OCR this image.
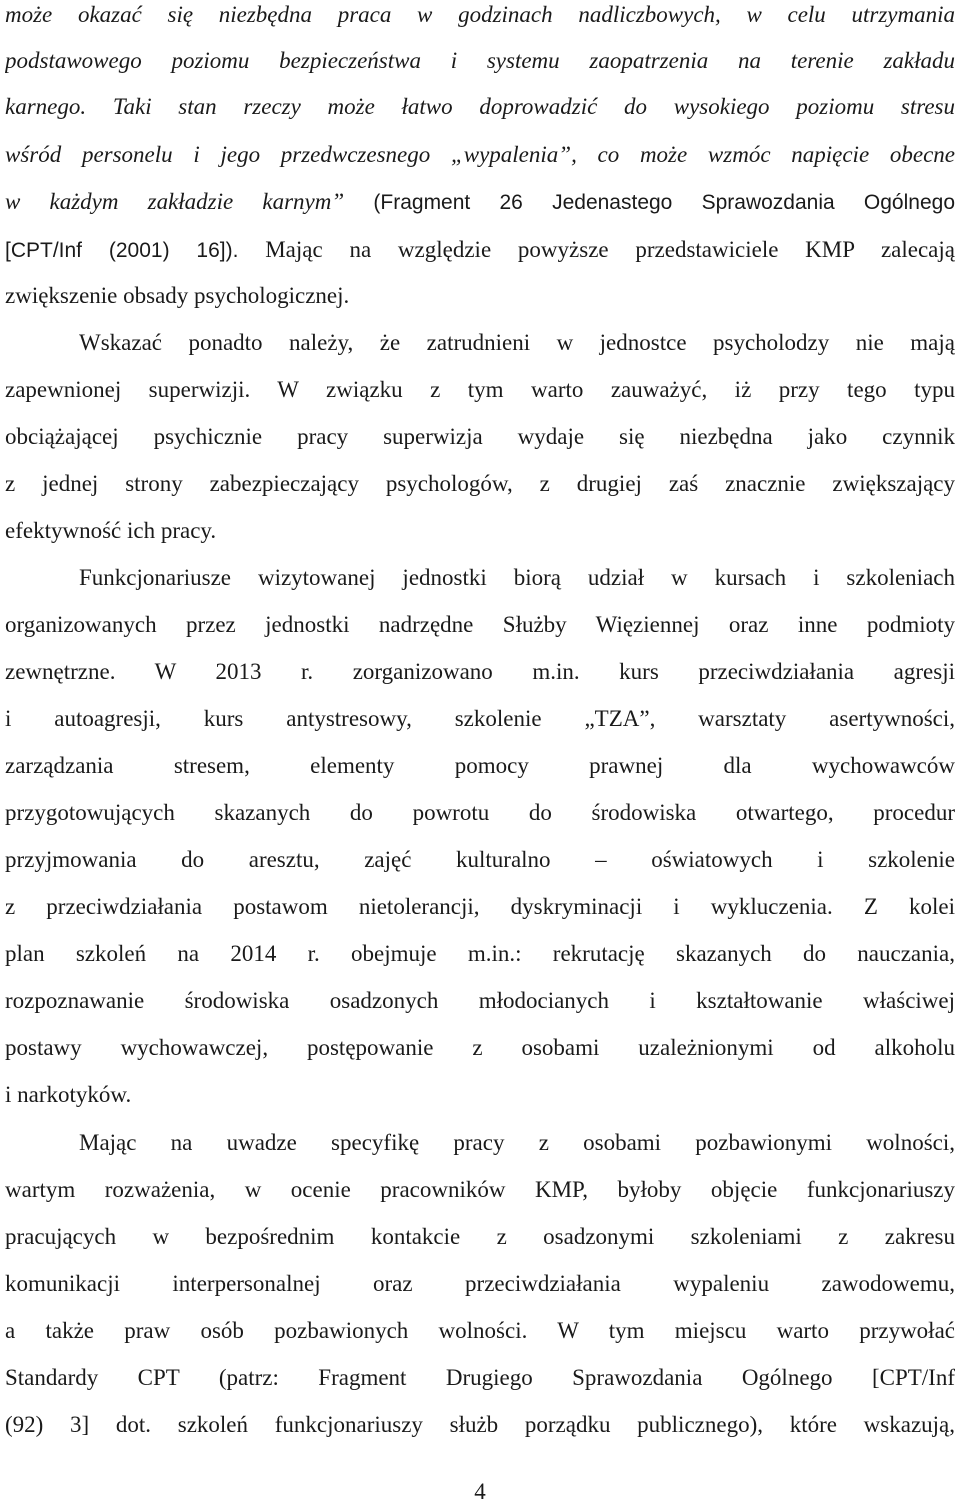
może okazać się niezbędna praca w godzinach nadliczbowych, w celu utrzymania
podstawowego poziomu bezpieczeństwa i systemu zaopatrzenia na terenie zakładu
karnego. Taki stan rzeczy może łatwo doprowadzić do wysokiego poziomu stresu
wśród personelu i jego przedwczesnego „wypalenia”, co może wzmóc napięcie obecne
w każdym zakładzie karnym” (Fragment 26 Jedenastego Sprawozdania Ogólnego
[CPT/Inf (2001) 16]). Mając na względzie powyższe przedstawiciele KMP zalecają
zwiększenie obsady psychologicznej.
Wskazać ponadto należy, że zatrudnieni w jednostce psycholodzy nie mają
zapewnionej superwizji. W związku z tym warto zauważyć, iż przy tego typu
obciążającej psychicznie pracy superwizja wydaje się niezbędna jako czynnik
z jednej strony zabezpieczający psychologów, z drugiej zaś znacznie zwiększający
efektywność ich pracy.
Funkcjonariusze wizytowanej jednostki biorą udział w kursach i szkoleniach
organizowanych przez jednostki nadrzędne Służby Więziennej oraz inne podmioty
zewnętrzne. W 2013 r. zorganizowano m.in. kurs przeciwdziałania agresji
i autoagresji, kurs antystresowy, szkolenie „TZA”, warsztaty asertywności,
zarządzania stresem, elementy pomocy prawnej dla wychowawców
przygotowujących skazanych do powrotu do środowiska otwartego, procedur
przyjmowania do aresztu, zajęć kulturalno – oświatowych i szkolenie
z przeciwdziałania postawom nietolerancji, dyskryminacji i wykluczenia. Z kolei
plan szkoleń na 2014 r. obejmuje m.in.: rekrutację skazanych do nauczania,
rozpoznawanie środowiska osadzonych młodocianych i kształtowanie właściwej
postawy wychowawczej, postępowanie z osobami uzależnionymi od alkoholu
i narkotyków.
Mając na uwadze specyfikę pracy z osobami pozbawionymi wolności,
wartym rozważenia, w ocenie pracowników KMP, byłoby objęcie funkcjonariuszy
pracujących w bezpośrednim kontakcie z osadzonymi szkoleniami z zakresu
komunikacji interpersonalnej oraz przeciwdziałania wypaleniu zawodowemu,
a także praw osób pozbawionych wolności. W tym miejscu warto przywołać
Standardy CPT (patrz: Fragment Drugiego Sprawozdania Ogólnego [CPT/Inf
(92) 3] dot. szkoleń funkcjonariuszy służb porządku publicznego), które wskazują,
4
